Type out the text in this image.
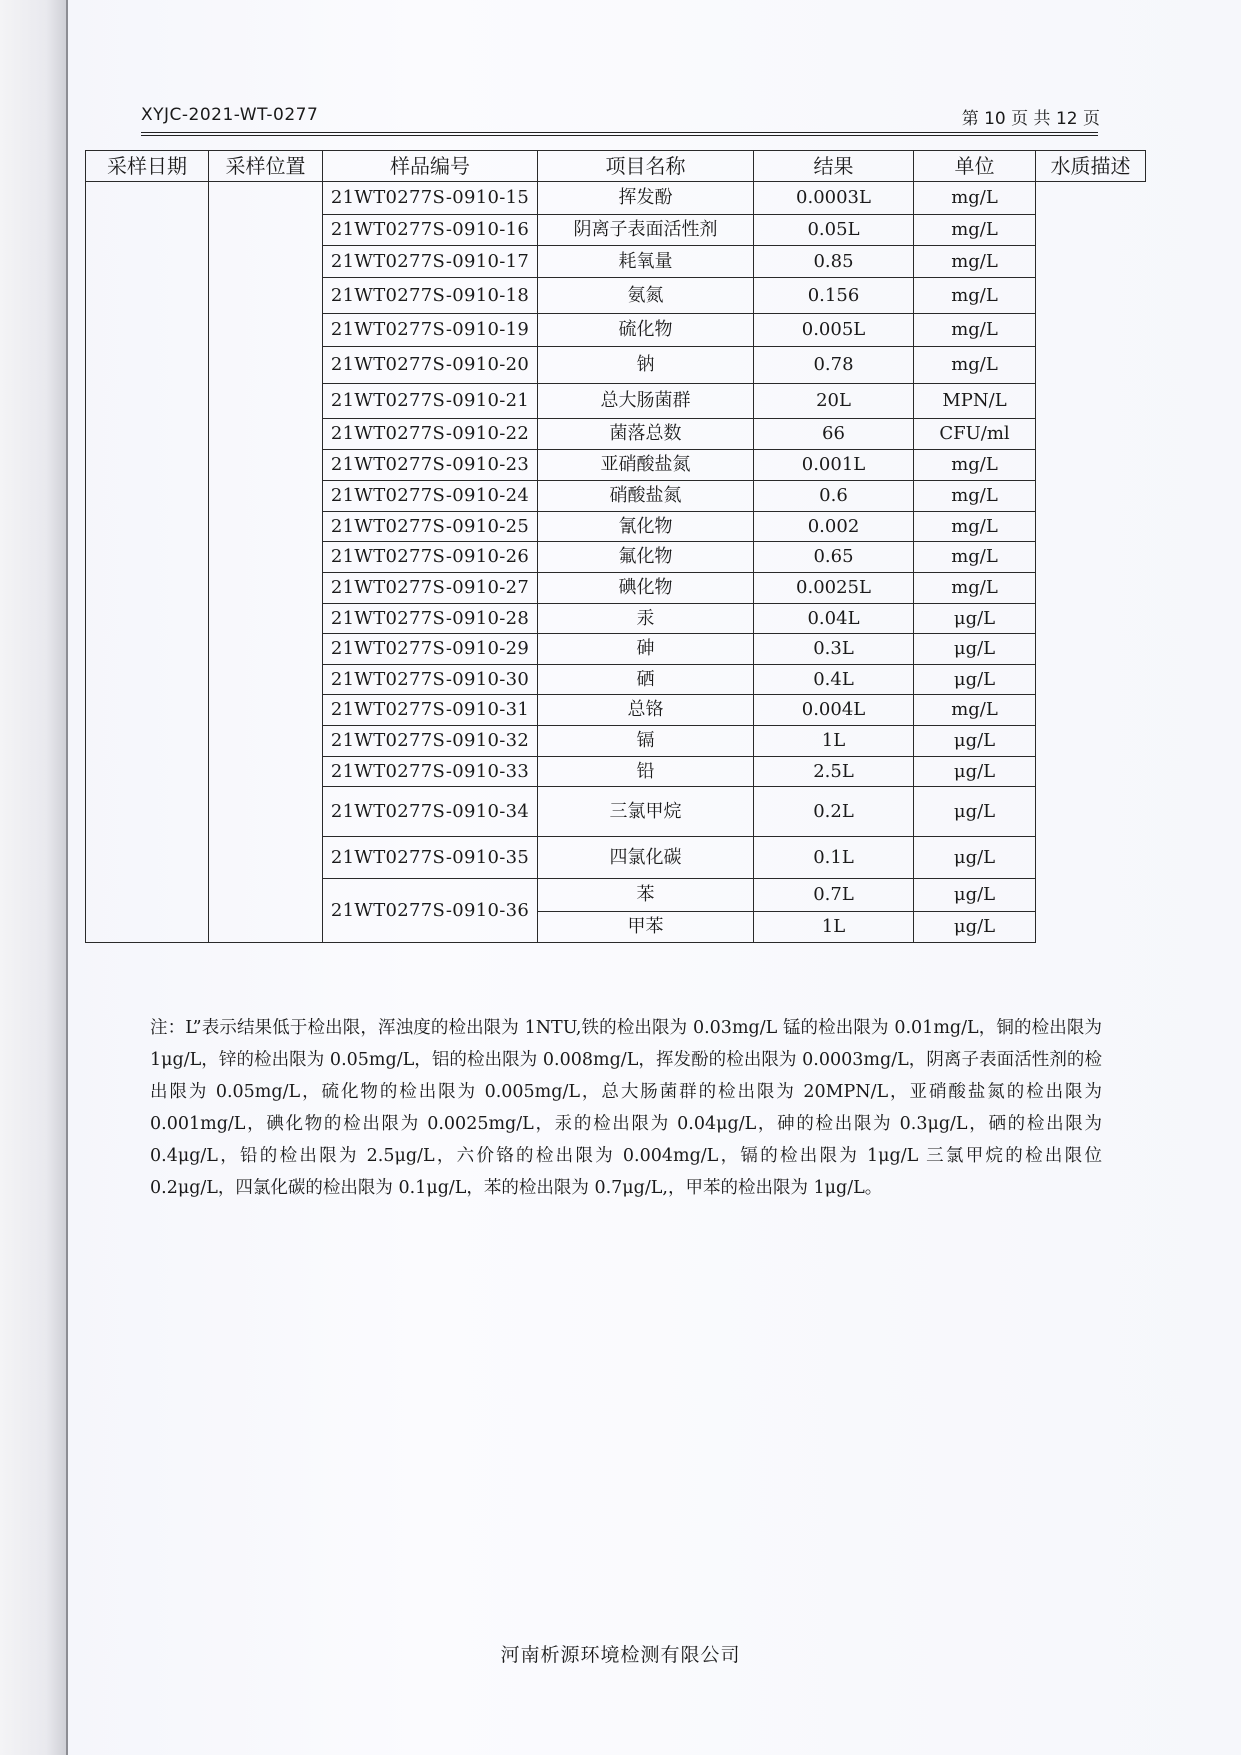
XYJC-2021-WT-0277	第 10 页 共 12 页
采样日期	采样位置	样品编号	项目名称	结果	单位	水质描述
		21WT0277S-0910-15	挥发酚	0.0003L	mg/L	
		21WT0277S-0910-16	阴离子表面活性剂	0.05L	mg/L	
		21WT0277S-0910-17	耗氧量	0.85	mg/L	
		21WT0277S-0910-18	氨氮	0.156	mg/L	
		21WT0277S-0910-19	硫化物	0.005L	mg/L	
		21WT0277S-0910-20	钠	0.78	mg/L	
		21WT0277S-0910-21	总大肠菌群	20L	MPN/L	
		21WT0277S-0910-22	菌落总数	66	CFU/ml	
		21WT0277S-0910-23	亚硝酸盐氮	0.001L	mg/L	
		21WT0277S-0910-24	硝酸盐氮	0.6	mg/L	
		21WT0277S-0910-25	氰化物	0.002	mg/L	
		21WT0277S-0910-26	氟化物	0.65	mg/L	
		21WT0277S-0910-27	碘化物	0.0025L	mg/L	
		21WT0277S-0910-28	汞	0.04L	μg/L	
		21WT0277S-0910-29	砷	0.3L	μg/L	
		21WT0277S-0910-30	硒	0.4L	μg/L	
		21WT0277S-0910-31	总铬	0.004L	mg/L	
		21WT0277S-0910-32	镉	1L	μg/L	
		21WT0277S-0910-33	铅	2.5L	μg/L	
		21WT0277S-0910-34	三氯甲烷	0.2L	μg/L	
		21WT0277S-0910-35	四氯化碳	0.1L	μg/L	
		21WT0277S-0910-36	苯	0.7L	μg/L	
			甲苯	1L	μg/L	
注：L”表示结果低于检出限，浑浊度的检出限为 1NTU,铁的检出限为 0.03mg/L 锰的检出限为 0.01mg/L，铜的检出限为 1μg/L，锌的检出限为 0.05mg/L，铝的检出限为 0.008mg/L，挥发酚的检出限为 0.0003mg/L，阴离子表面活性剂的检出限为 0.05mg/L，硫化物的检出限为 0.005mg/L，总大肠菌群的检出限为 20MPN/L，亚硝酸盐氮的检出限为 0.001mg/L，碘化物的检出限为 0.0025mg/L，汞的检出限为 0.04μg/L，砷的检出限为 0.3μg/L，硒的检出限为 0.4μg/L，铅的检出限为 2.5μg/L，六价铬的检出限为 0.004mg/L，镉的检出限为 1μg/L 三氯甲烷的检出限位 0.2μg/L，四氯化碳的检出限为 0.1μg/L，苯的检出限为 0.7μg/L,，甲苯的检出限为 1μg/L。
河南析源环境检测有限公司
